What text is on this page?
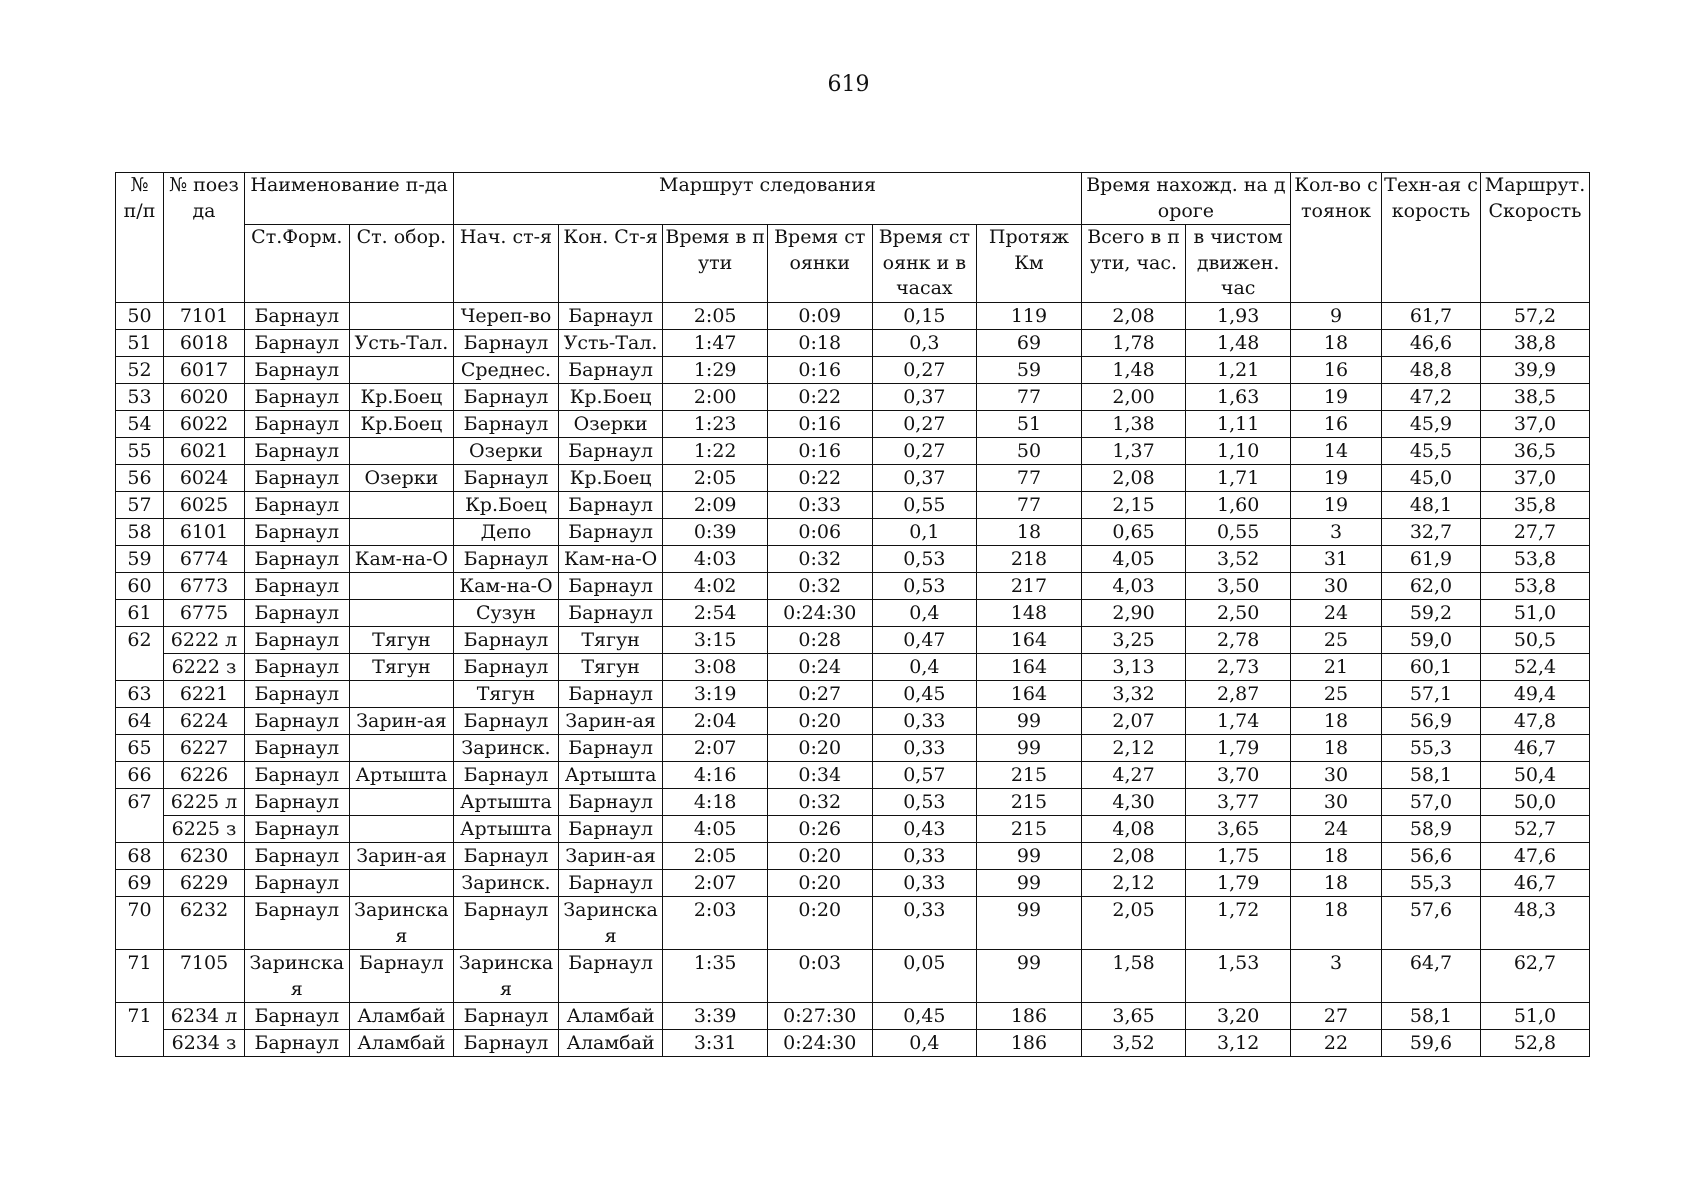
619
№ п/п	№ поезда	Наименование п-да		Маршрут следования						Время нахожд. на дороге		Кол-во стоянок	Техн-ая скорость	Маршрут. Скорость
		Ст.Форм.	Ст. обор.	Нач. ст-я	Кон. Ст-я	Время в пути	Время стоянки	Время стоянк и в часах	Протяж Км	Всего в пути, час.	в чистом движен. час			
50	7101	Барнаул		Череп-во	Барнаул	2:05	0:09	0,15	119	2,08	1,93	9	61,7	57,2
51	6018	Барнаул	Усть-Тал.	Барнаул	Усть-Тал.	1:47	0:18	0,3	69	1,78	1,48	18	46,6	38,8
52	6017	Барнаул		Среднес.	Барнаул	1:29	0:16	0,27	59	1,48	1,21	16	48,8	39,9
53	6020	Барнаул	Кр.Боец	Барнаул	Кр.Боец	2:00	0:22	0,37	77	2,00	1,63	19	47,2	38,5
54	6022	Барнаул	Кр.Боец	Барнаул	Озерки	1:23	0:16	0,27	51	1,38	1,11	16	45,9	37,0
55	6021	Барнаул		Озерки	Барнаул	1:22	0:16	0,27	50	1,37	1,10	14	45,5	36,5
56	6024	Барнаул	Озерки	Барнаул	Кр.Боец	2:05	0:22	0,37	77	2,08	1,71	19	45,0	37,0
57	6025	Барнаул		Кр.Боец	Барнаул	2:09	0:33	0,55	77	2,15	1,60	19	48,1	35,8
58	6101	Барнаул		Депо	Барнаул	0:39	0:06	0,1	18	0,65	0,55	3	32,7	27,7
59	6774	Барнаул	Кам-на-О	Барнаул	Кам-на-О	4:03	0:32	0,53	218	4,05	3,52	31	61,9	53,8
60	6773	Барнаул		Кам-на-О	Барнаул	4:02	0:32	0,53	217	4,03	3,50	30	62,0	53,8
61	6775	Барнаул		Сузун	Барнаул	2:54	0:24:30	0,4	148	2,90	2,50	24	59,2	51,0
62	6222 л	Барнаул	Тягун	Барнаул	Тягун	3:15	0:28	0,47	164	3,25	2,78	25	59,0	50,5
	6222 з	Барнаул	Тягун	Барнаул	Тягун	3:08	0:24	0,4	164	3,13	2,73	21	60,1	52,4
63	6221	Барнаул		Тягун	Барнаул	3:19	0:27	0,45	164	3,32	2,87	25	57,1	49,4
64	6224	Барнаул	Зарин-ая	Барнаул	Зарин-ая	2:04	0:20	0,33	99	2,07	1,74	18	56,9	47,8
65	6227	Барнаул		Заринск.	Барнаул	2:07	0:20	0,33	99	2,12	1,79	18	55,3	46,7
66	6226	Барнаул	Артышта	Барнаул	Артышта	4:16	0:34	0,57	215	4,27	3,70	30	58,1	50,4
67	6225 л	Барнаул		Артышта	Барнаул	4:18	0:32	0,53	215	4,30	3,77	30	57,0	50,0
	6225 з	Барнаул		Артышта	Барнаул	4:05	0:26	0,43	215	4,08	3,65	24	58,9	52,7
68	6230	Барнаул	Зарин-ая	Барнаул	Зарин-ая	2:05	0:20	0,33	99	2,08	1,75	18	56,6	47,6
69	6229	Барнаул		Заринск.	Барнаул	2:07	0:20	0,33	99	2,12	1,79	18	55,3	46,7
70	6232	Барнаул	Заринская	Барнаул	Заринская	2:03	0:20	0,33	99	2,05	1,72	18	57,6	48,3
71	7105	Заринская	Барнаул	Заринская	Барнаул	1:35	0:03	0,05	99	1,58	1,53	3	64,7	62,7
71	6234 л	Барнаул	Аламбай	Барнаул	Аламбай	3:39	0:27:30	0,45	186	3,65	3,20	27	58,1	51,0
	6234 з	Барнаул	Аламбай	Барнаул	Аламбай	3:31	0:24:30	0,4	186	3,52	3,12	22	59,6	52,8
